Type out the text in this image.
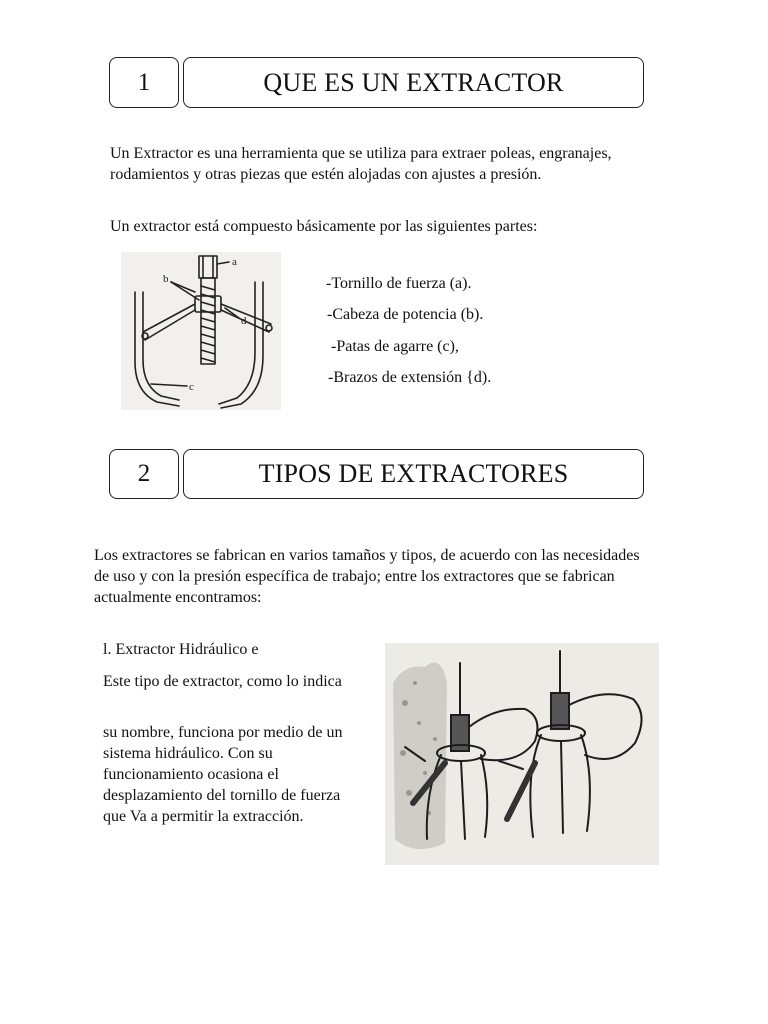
1	QUE ES UN EXTRACTOR

Un Extractor es una herramienta que se utiliza para extraer poleas, engranajes, rodamientos y otras piezas que estén alojadas con ajustes a presión.

Un extractor está compuesto básicamente por las siguientes partes:

a
b
d
c
-Tornillo de fuerza (a).
-Cabeza de potencia (b).
-Patas de agarre (c),
-Brazos de extensión {d).
2	TIPOS DE EXTRACTORES

Los extractores se fabrican en varios tamaños y tipos, de acuerdo con las necesidades de uso y con la presión específica de trabajo; entre los extractores que se fabrican actualmente encontramos:

l. Extractor Hidráulico e

Este tipo de extractor, como lo indica

su nombre, funciona por medio de un sistema hidráulico. Con su funcionamiento ocasiona el desplazamiento del tornillo de fuerza que Va a permitir la extracción.
